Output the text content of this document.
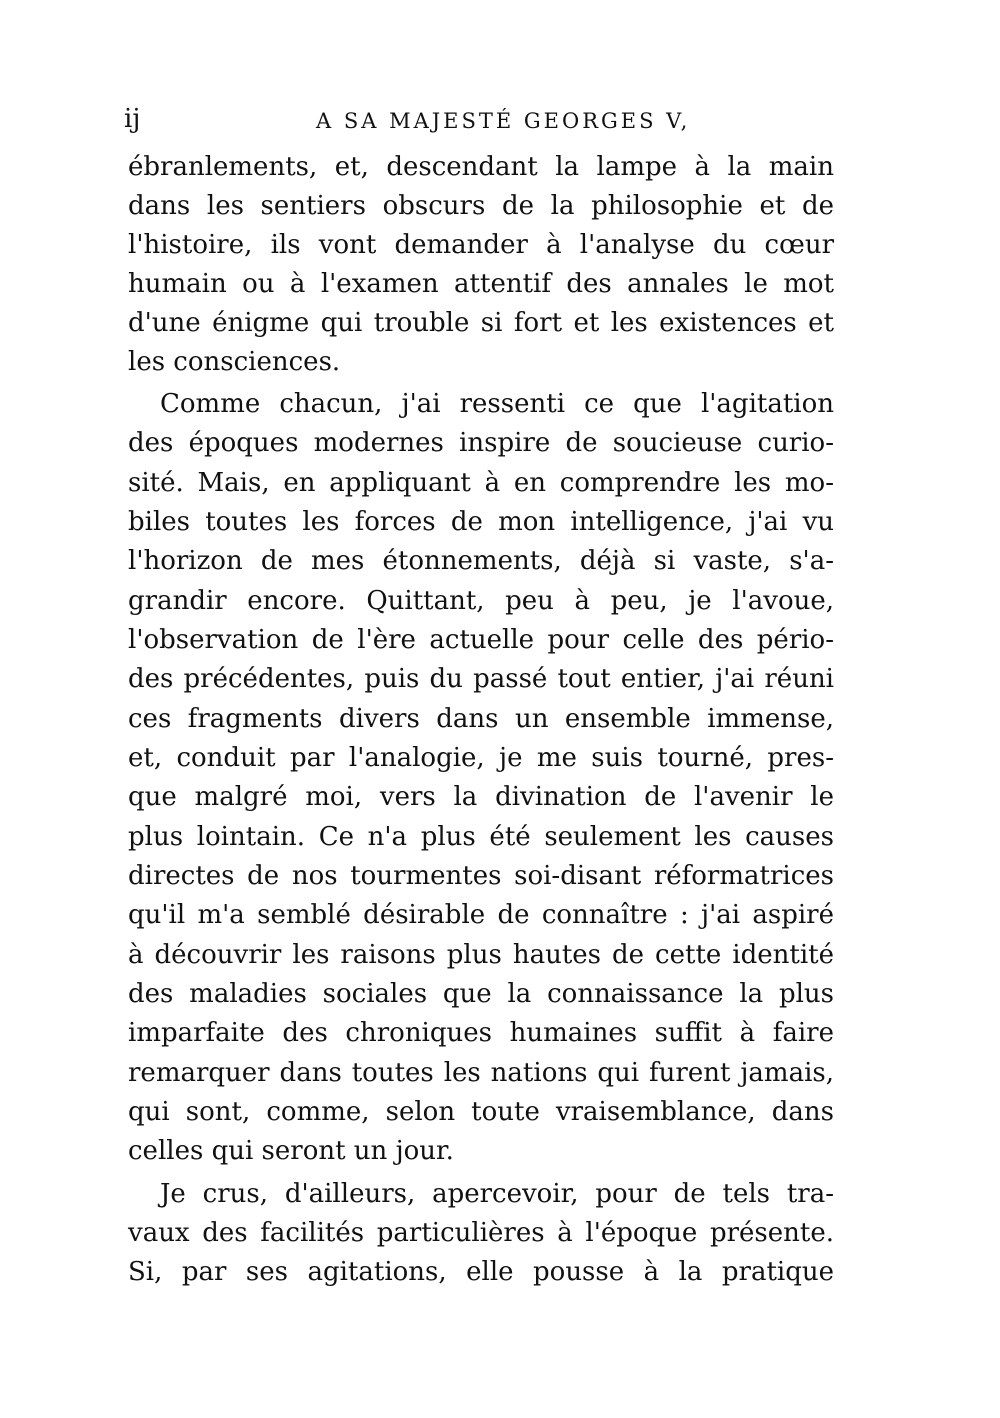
ij	A SA MAJESTÉ GEORGES V,
ébranlements, et, descendant la lampe à la main
dans les sentiers obscurs de la philosophie et de
l'histoire, ils vont demander à l'analyse du cœur
humain ou à l'examen attentif des annales le mot
d'une énigme qui trouble si fort et les existences et
les consciences.
Comme chacun, j'ai ressenti ce que l'agitation
des époques modernes inspire de soucieuse curio-
sité. Mais, en appliquant à en comprendre les mo-
biles toutes les forces de mon intelligence, j'ai vu
l'horizon de mes étonnements, déjà si vaste, s'a-
grandir encore. Quittant, peu à peu, je l'avoue,
l'observation de l'ère actuelle pour celle des pério-
des précédentes, puis du passé tout entier, j'ai réuni
ces fragments divers dans un ensemble immense,
et, conduit par l'analogie, je me suis tourné, pres-
que malgré moi, vers la divination de l'avenir le
plus lointain. Ce n'a plus été seulement les causes
directes de nos tourmentes soi-disant réformatrices
qu'il m'a semblé désirable de connaître : j'ai aspiré
à découvrir les raisons plus hautes de cette identité
des maladies sociales que la connaissance la plus
imparfaite des chroniques humaines suffit à faire
remarquer dans toutes les nations qui furent jamais,
qui sont, comme, selon toute vraisemblance, dans
celles qui seront un jour.
Je crus, d'ailleurs, apercevoir, pour de tels tra-
vaux des facilités particulières à l'époque présente.
Si, par ses agitations, elle pousse à la pratique
